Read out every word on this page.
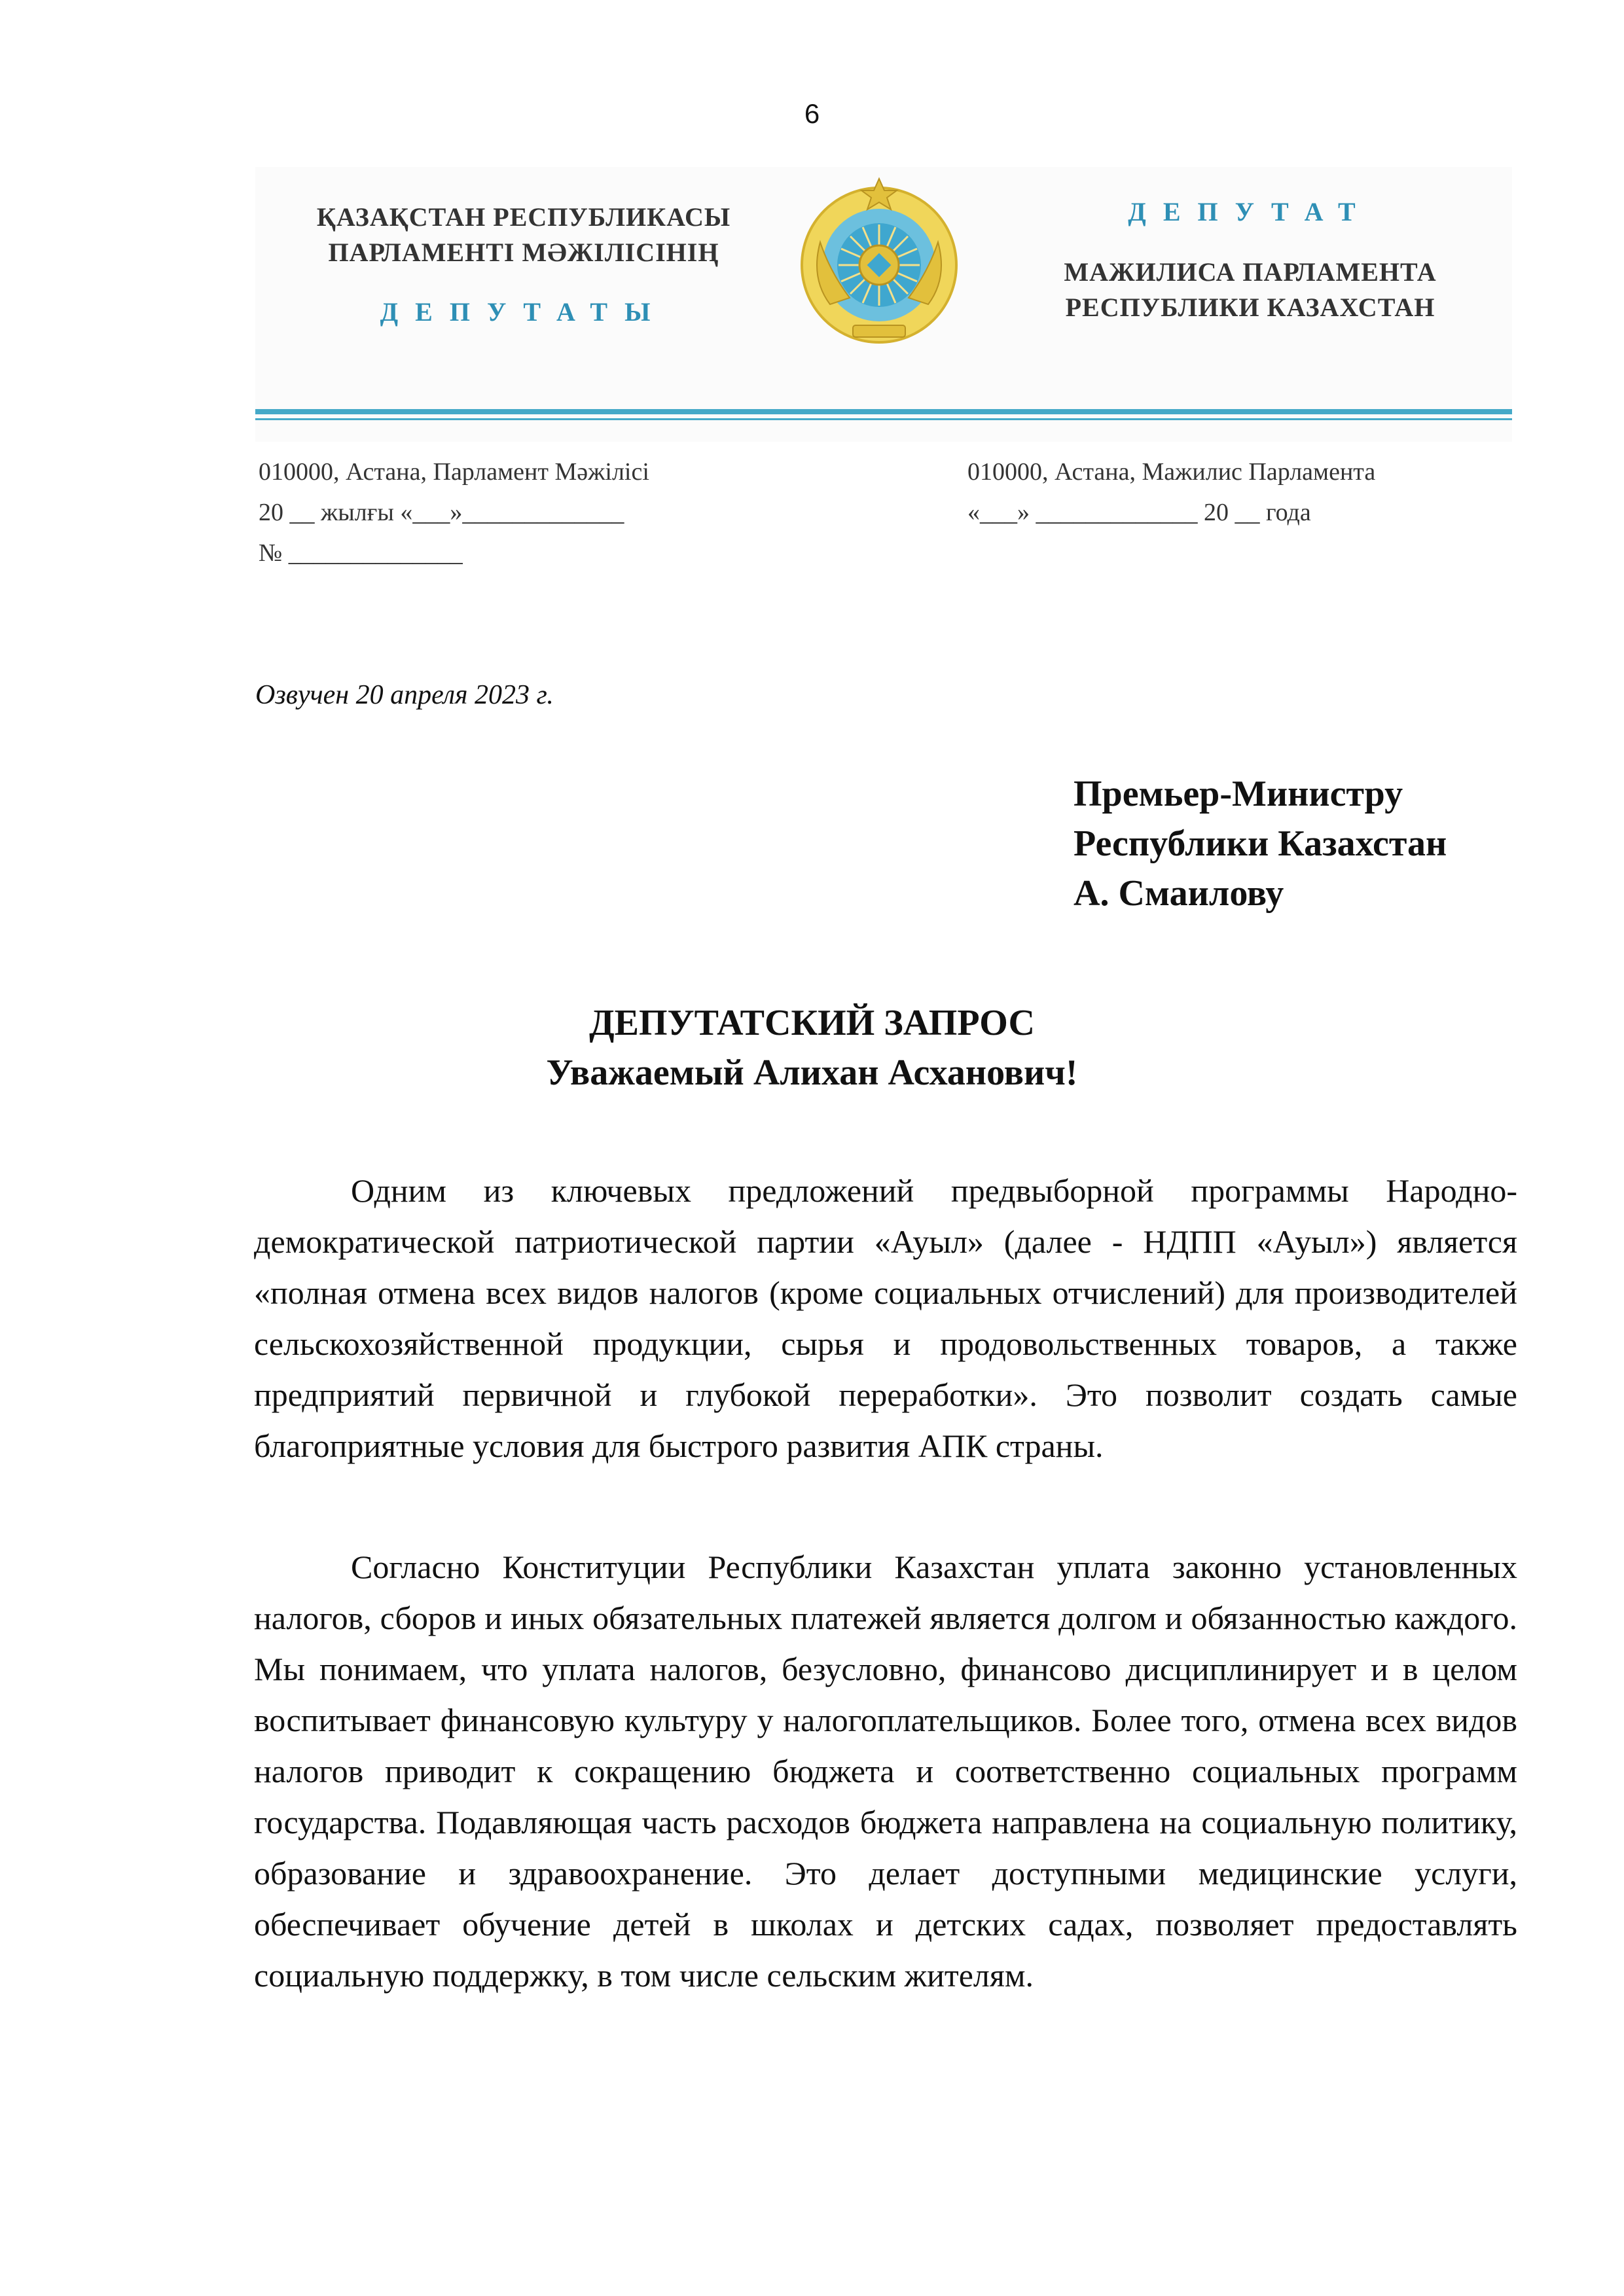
6
ҚАЗАҚСТАН РЕСПУБЛИКАСЫ
ПАРЛАМЕНТІ МӘЖІЛІСІНІҢ
ДЕПУТАТЫ
ДЕПУТАТ
МАЖИЛИСА ПАРЛАМЕНТА
РЕСПУБЛИКИ КАЗАХСТАН
010000, Астана, Парламент Мәжілісі
20 __ жылғы «___»_____________
№ ______________
010000, Астана, Мажилис Парламента
«___» _____________ 20 __ года
Озвучен 20 апреля 2023 г.
Премьер-Министру
Республики Казахстан
А. Смаилову
ДЕПУТАТСКИЙ ЗАПРОС
Уважаемый Алихан Асханович!
Одним из ключевых предложений предвыборной программы Народно-демократической патриотической партии «Ауыл» (далее - НДПП «Ауыл») является «полная отмена всех видов налогов (кроме социальных отчислений) для производителей сельскохозяйственной продукции, сырья и продовольственных товаров, а также предприятий первичной и глубокой переработки». Это позволит создать самые благоприятные условия для быстрого развития АПК страны.
Согласно Конституции Республики Казахстан уплата законно установленных налогов, сборов и иных обязательных платежей является долгом и обязанностью каждого. Мы понимаем, что уплата налогов, безусловно, финансово дисциплинирует и в целом воспитывает финансовую культуру у налогоплательщиков. Более того, отмена всех видов налогов приводит к сокращению бюджета и соответственно социальных программ государства. Подавляющая часть расходов бюджета направлена на социальную политику, образование и здравоохранение. Это делает доступными медицинские услуги, обеспечивает обучение детей в школах и детских садах, позволяет предоставлять социальную поддержку, в том числе сельским жителям.
